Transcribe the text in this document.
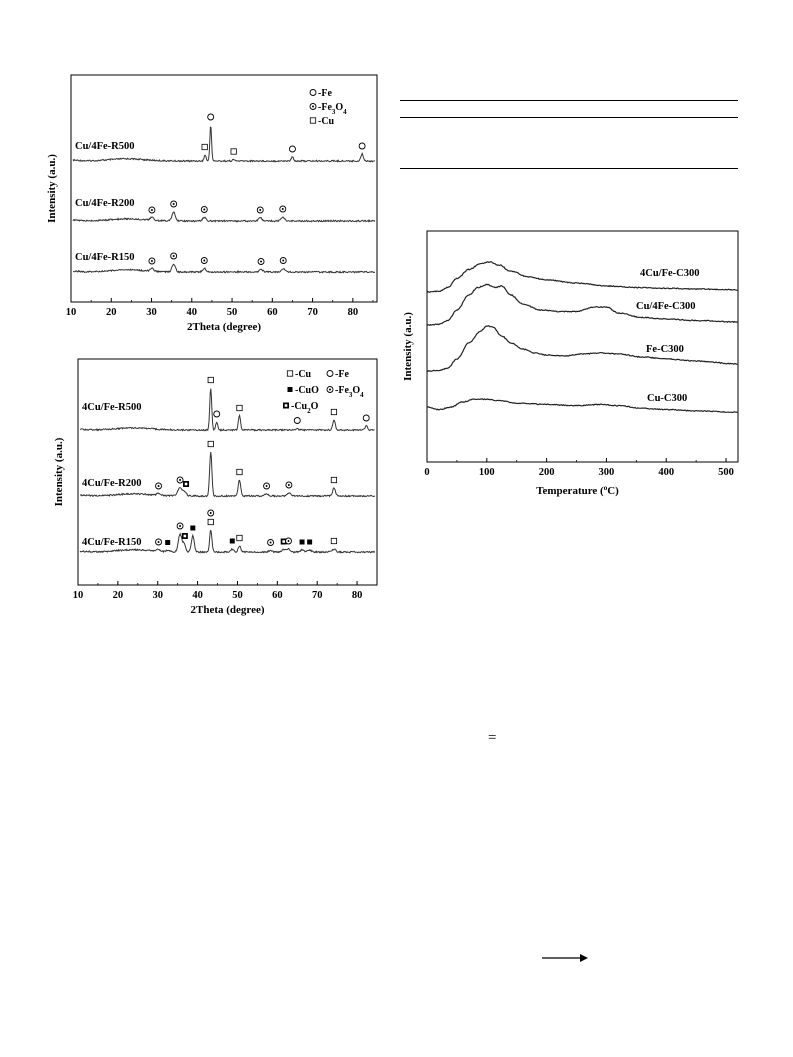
10	20	30	40	50	60	70	80
2Theta (degree)
Intensity (a.u.)
-Fe
$-Fe_3O_4$
-Cu
Cu/4Fe-R500
Cu/4Fe-R200
Cu/4Fe-R150
10	20	30	40	50	60	70	80
2Theta (degree)
Intensity (a.u.)
-Cu -Fe
-CuO $-Fe_3O_4$
$-Cu_2O$
4Cu/Fe-R500
4Cu/Fe-R200
4Cu/Fe-R150
0	100	200	300	400	500
Temperature ($^o$C)
Intensity (a.u.)
4Cu/Fe-C300
Cu/4Fe-C300
Fe-C300
Cu-C300
=
